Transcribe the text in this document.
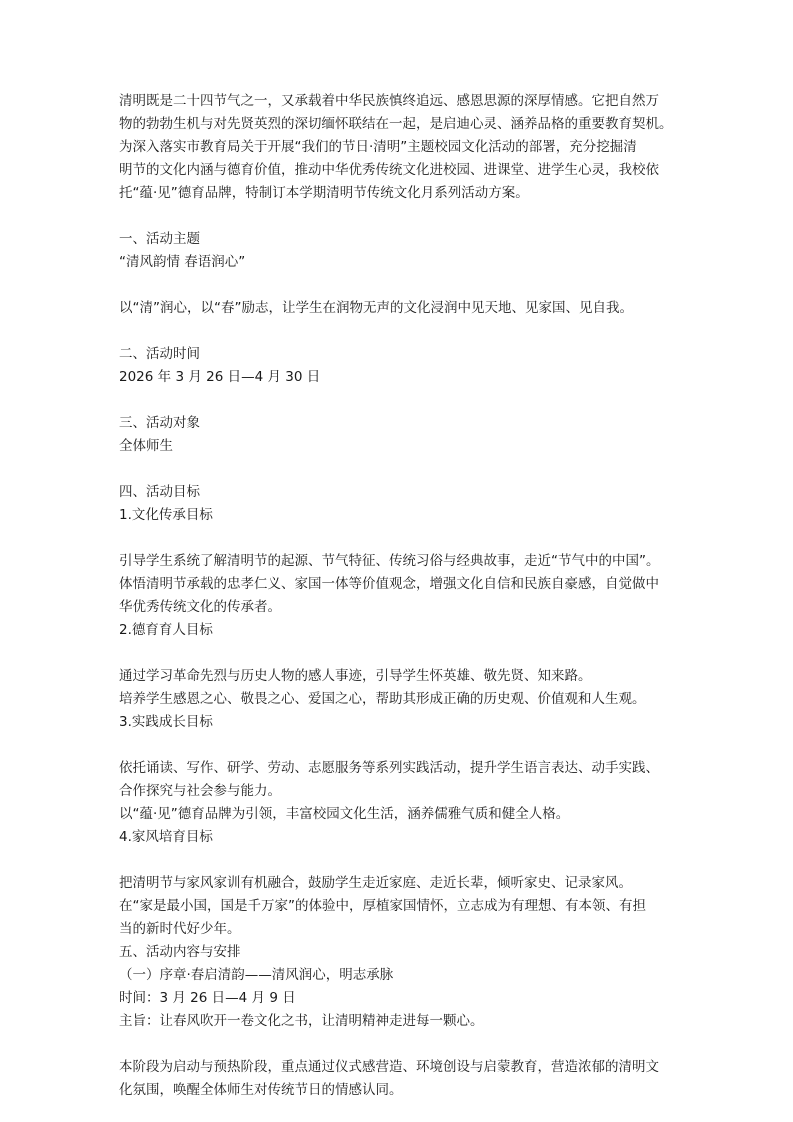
清明既是二十四节气之一，又承载着中华民族慎终追远、感恩思源的深厚情感。它把自然万
物的勃勃生机与对先贤英烈的深切缅怀联结在一起，是启迪心灵、涵养品格的重要教育契机。
为深入落实市教育局关于开展“我们的节日·清明”主题校园文化活动的部署，充分挖掘清
明节的文化内涵与德育价值，推动中华优秀传统文化进校园、进课堂、进学生心灵，我校依
托“蕴·见”德育品牌，特制订本学期清明节传统文化月系列活动方案。
一、活动主题
“清风韵情 春语润心”
以“清”润心，以“春”励志，让学生在润物无声的文化浸润中见天地、见家国、见自我。
二、活动时间
2026 年 3 月 26 日—4 月 30 日
三、活动对象
全体师生
四、活动目标
1.文化传承目标
引导学生系统了解清明节的起源、节气特征、传统习俗与经典故事，走近“节气中的中国”。
体悟清明节承载的忠孝仁义、家国一体等价值观念，增强文化自信和民族自豪感，自觉做中
华优秀传统文化的传承者。
2.德育育人目标
通过学习革命先烈与历史人物的感人事迹，引导学生怀英雄、敬先贤、知来路。
培养学生感恩之心、敬畏之心、爱国之心，帮助其形成正确的历史观、价值观和人生观。
3.实践成长目标
依托诵读、写作、研学、劳动、志愿服务等系列实践活动，提升学生语言表达、动手实践、
合作探究与社会参与能力。
以“蕴·见”德育品牌为引领，丰富校园文化生活，涵养儒雅气质和健全人格。
4.家风培育目标
把清明节与家风家训有机融合，鼓励学生走近家庭、走近长辈，倾听家史、记录家风。
在“家是最小国，国是千万家”的体验中，厚植家国情怀，立志成为有理想、有本领、有担
当的新时代好少年。
五、活动内容与安排
（一）序章·春启清韵——清风润心，明志承脉
时间：3 月 26 日—4 月 9 日
主旨：让春风吹开一卷文化之书，让清明精神走进每一颗心。
本阶段为启动与预热阶段，重点通过仪式感营造、环境创设与启蒙教育，营造浓郁的清明文
化氛围，唤醒全体师生对传统节日的情感认同。
